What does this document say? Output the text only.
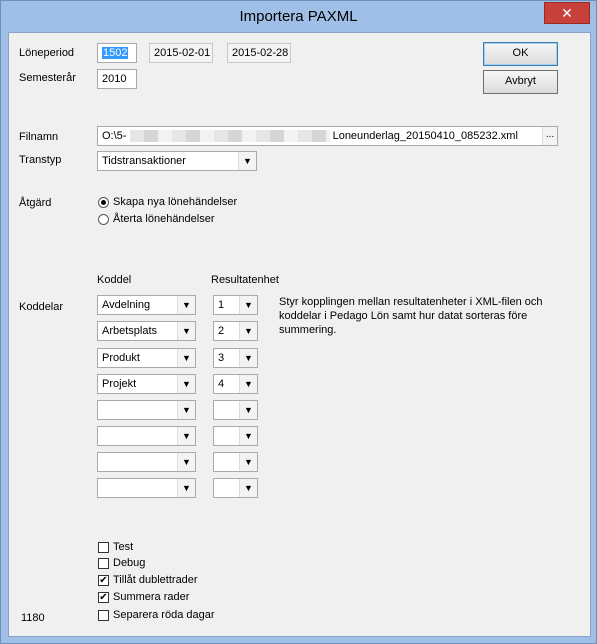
Importera PAXML	✕
Löneperiod	1502	2015-02-01	2015-02-28
Semesterår	2010
OK
Avbryt
Filnamn	O:\5-	Loneunderlag_20150410_085232.xml	...
Transtyp	Tidstransaktioner	▼
Åtgärd	Skapa nya lönehändelser
Återta lönehändelser
Koddel	Resultatenhet
Koddelar	Styr kopplingen mellan resultatenheter i XML-filen och koddelar i Pedago Lön samt hur datat sorteras före summering.
Avdelning	▼	1	▼
Arbetsplats	▼	2	▼
Produkt	▼	3	▼
Projekt	▼	4	▼
▼	▼
▼	▼
▼	▼
▼	▼
Test
Debug
✔ Tillåt dublettrader
✔ Summera rader
Separera röda dagar
1180
